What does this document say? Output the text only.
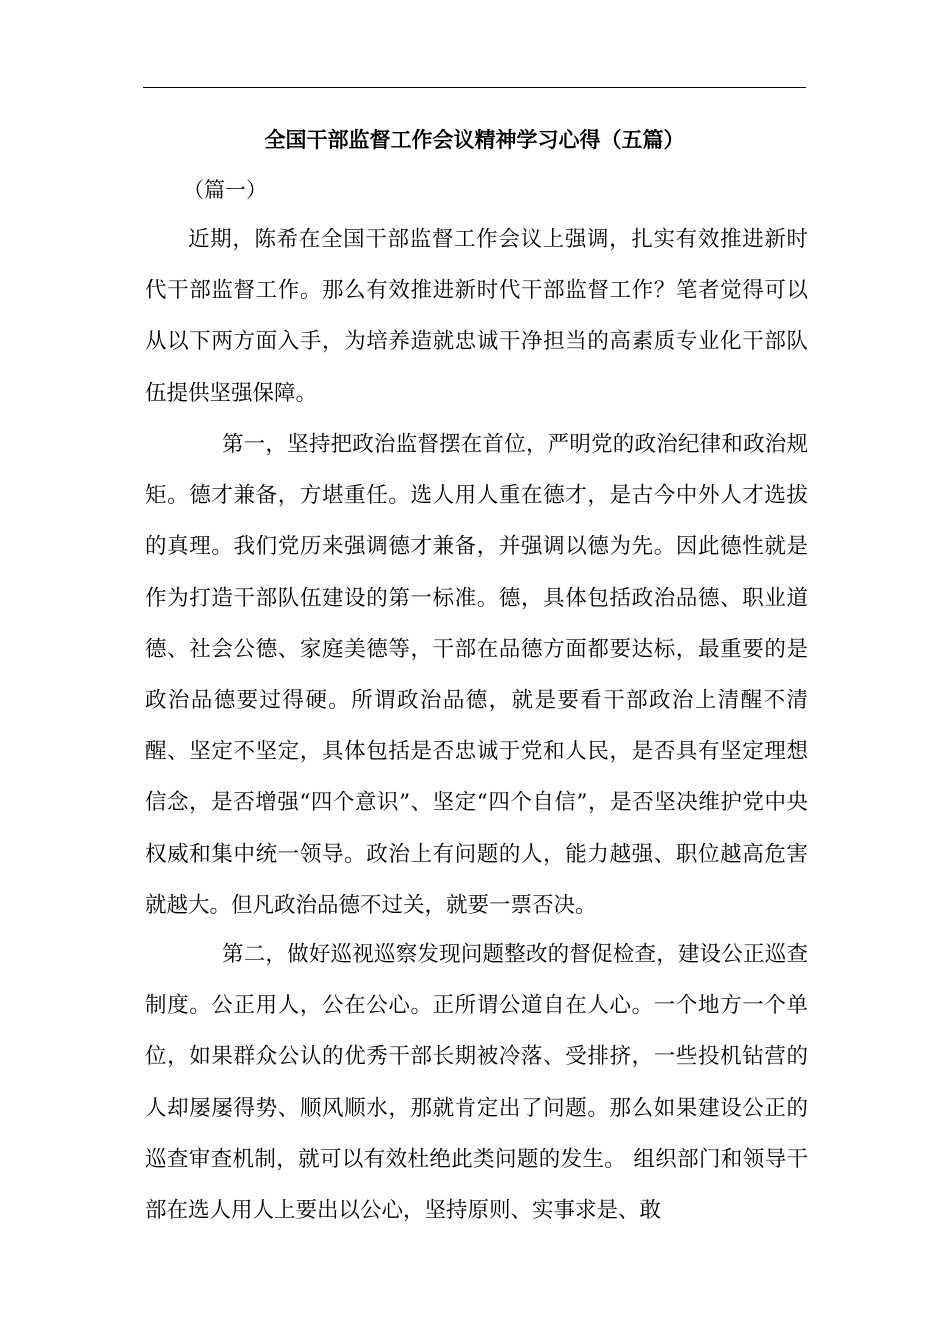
全国干部监督工作会议精神学习心得（五篇）
（篇一）

近期，陈希在全国干部监督工作会议上强调，扎实有效推进新时代干部监督工作。那么有效推进新时代干部监督工作？笔者觉得可以从以下两方面入手，为培养造就忠诚干净担当的高素质专业化干部队伍提供坚强保障。

第一，坚持把政治监督摆在首位，严明党的政治纪律和政治规矩。德才兼备，方堪重任。选人用人重在德才，是古今中外人才选拔的真理。我们党历来强调德才兼备，并强调以德为先。因此德性就是作为打造干部队伍建设的第一标准。德，具体包括政治品德、职业道德、社会公德、家庭美德等，干部在品德方面都要达标，最重要的是政治品德要过得硬。所谓政治品德，就是要看干部政治上清醒不清醒、坚定不坚定，具体包括是否忠诚于党和人民，是否具有坚定理想信念，是否增强“四个意识”、坚定“四个自信”，是否坚决维护党中央权威和集中统一领导。政治上有问题的人，能力越强、职位越高危害就越大。但凡政治品德不过关，就要一票否决。

第二，做好巡视巡察发现问题整改的督促检查，建设公正巡查制度。公正用人，公在公心。正所谓公道自在人心。一个地方一个单位，如果群众公认的优秀干部长期被冷落、受排挤，一些投机钻营的人却屡屡得势、顺风顺水，那就肯定出了问题。那么如果建设公正的巡查审查机制，就可以有效杜绝此类问题的发生。 组织部门和领导干部在选人用人上要出以公心，坚持原则、实事求是、敢
